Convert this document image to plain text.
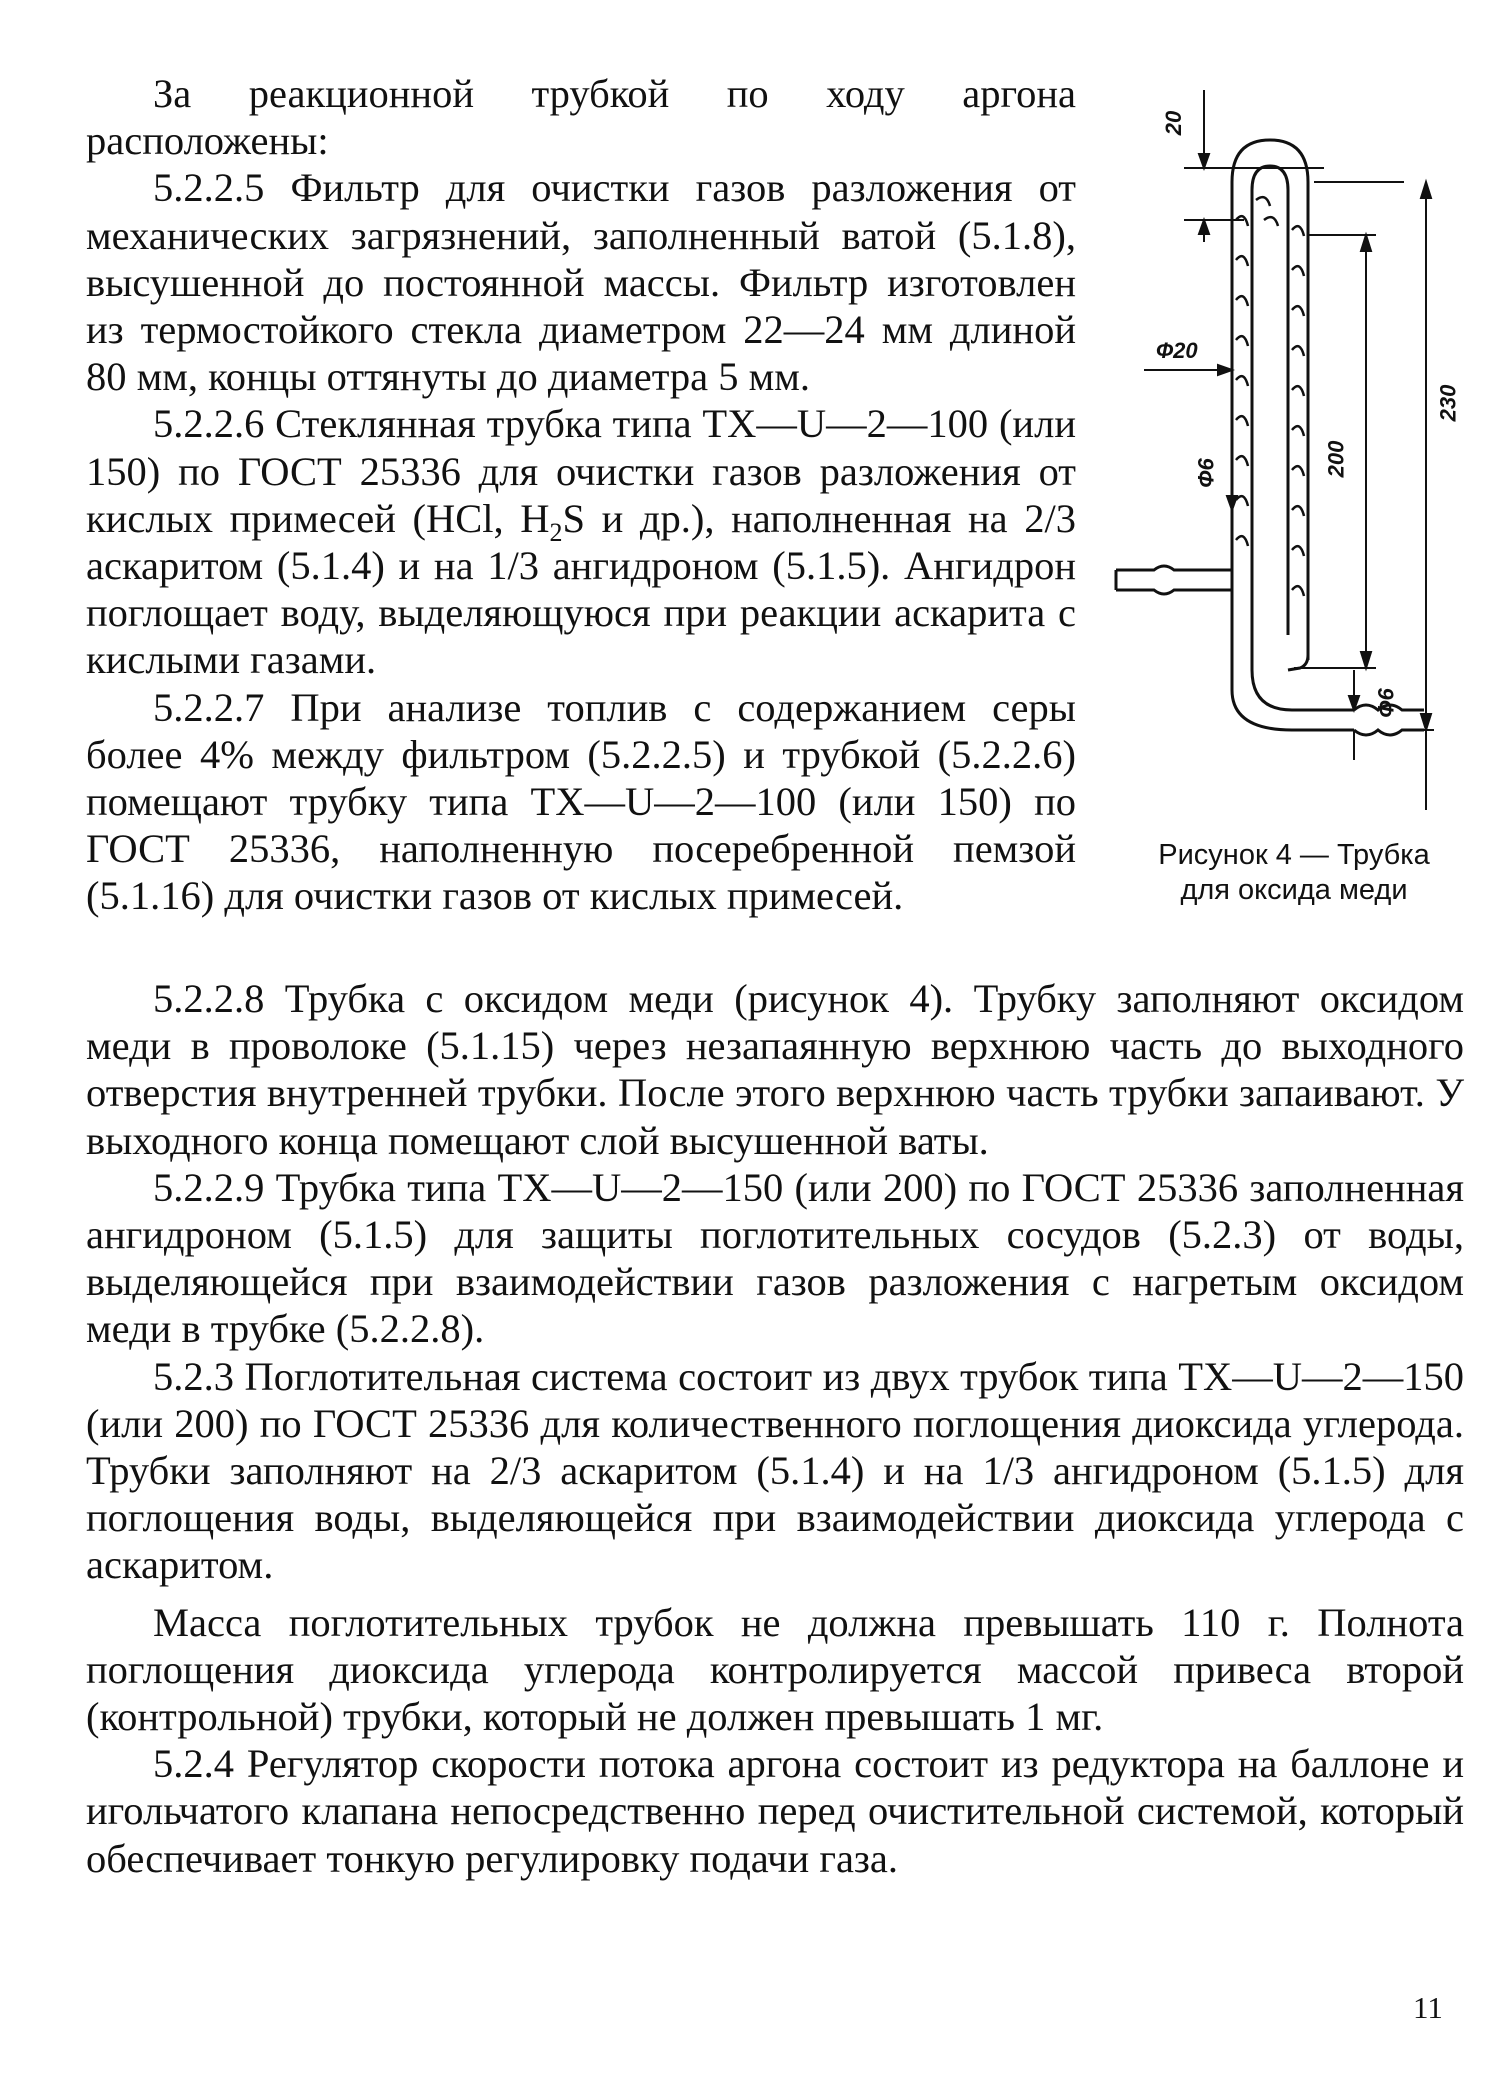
За реакционной трубкой по ходу аргона расположены:

5.2.2.5 Фильтр для очистки газов разложения от механических загрязнений, заполненный ватой (5.1.8), высушенной до постоянной массы. Фильтр изготовлен из термостойкого стекла диаметром 22—24 мм длиной 80 мм, концы оттянуты до диаметра 5 мм.

5.2.2.6 Стеклянная трубка типа ТХ—U—2—100 (или 150) по ГОСТ 25336 для очистки газов разложения от кислых примесей (HCl, $H_2S$ и др.), наполненная на 2/3 аскаритом (5.1.4) и на 1/3 ангидроном (5.1.5). Ангидрон поглощает воду, выделяющуюся при реакции аскарита с кислыми газами.

5.2.2.7 При анализе топлив с содержанием серы более 4% между фильтром (5.2.2.5) и трубкой (5.2.2.6) помещают трубку типа ТХ—U—2—100 (или 150) по ГОСТ 25336, наполненную посеребренной пемзой (5.1.16) для очистки газов от кислых примесей.

20
Ф20
Ф6	200
230
Ф6
Рисунок 4 — Трубка
для оксида меди

5.2.2.8 Трубка с оксидом меди (рисунок 4). Трубку заполняют оксидом меди в проволоке (5.1.15) через незапаянную верхнюю часть до выходного отверстия внутренней трубки. После этого верхнюю часть трубки запаивают. У выходного конца помещают слой высушенной ваты.

5.2.2.9 Трубка типа ТХ—U—2—150 (или 200) по ГОСТ 25336 заполненная ангидроном (5.1.5) для защиты поглотительных сосудов (5.2.3) от воды, выделяющейся при взаимодействии газов разложения с нагретым оксидом меди в трубке (5.2.2.8).

5.2.3 Поглотительная система состоит из двух трубок типа ТХ—U—2—150 (или 200) по ГОСТ 25336 для количественного поглощения диоксида углерода. Трубки заполняют на 2/3 аскаритом (5.1.4) и на 1/3 ангидроном (5.1.5) для поглощения воды, выделяющейся при взаимодействии диоксида углерода с аскаритом.

Масса поглотительных трубок не должна превышать 110 г. Полнота поглощения диоксида углерода контролируется массой привеса второй (контрольной) трубки, который не должен превышать 1 мг.

5.2.4 Регулятор скорости потока аргона состоит из редуктора на баллоне и игольчатого клапана непосредственно перед очистительной системой, который обеспечивает тонкую регулировку подачи газа.

11
